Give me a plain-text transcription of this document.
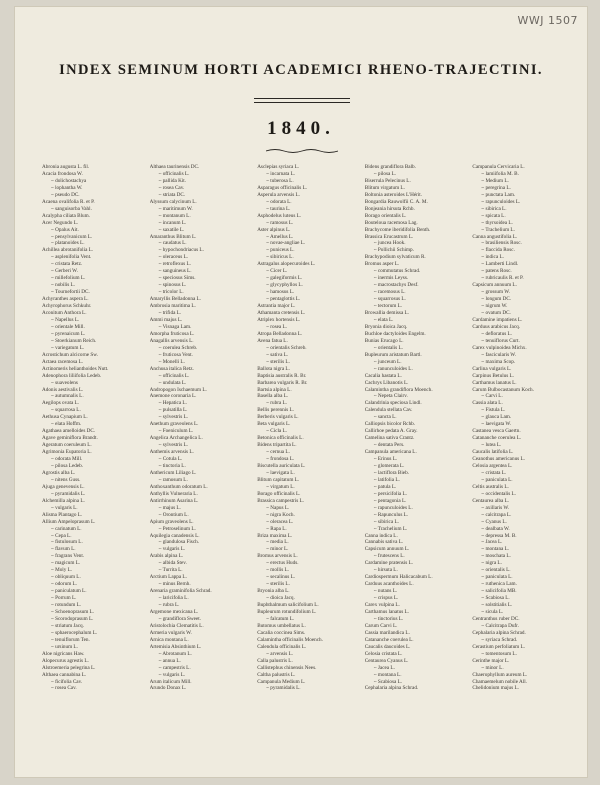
WWJ 1507
INDEX SEMINUM HORTI ACADEMICI RHENO-TRAJECTINI.
1840.
Abronia augusta L. fil.
Acacia frondosa W.
~ dolichostachya
~ lophantha W.
~ pseudo DC.
Acaena ovalifolia R. et P.
~ sanguisorba Vahl.
Acalypha ciliata Blum.
Acer Negundo L.
~ Opalus Ait.
~ pensylvanicum L.
~ platanoides L.
Achillea abrotanifolia L.
~ asplenifolia Vent.
~ cristata Retz.
~ Gerberi W.
~ millefolium L.
~ nobilis L.
~ Tournefortii DC.
Achyranthes aspera L.
Achyrophorus Schkuhr.
Aconitum Anthora L.
~ Napellus L.
~ orientale Mill.
~ pyrenaicum L.
~ Stoerkianum Reich.
~ variegatum L.
Acrostichum alcicorne Sw.
Actaea racemosa L.
Actinomeris helianthoides Nutt.
Adenophora liliifolia Ledeb.
~ suaveolens
Adonis aestivalis L.
~ autumnalis L.
Aegilops ovata L.
~ squarrosa L.
Aethusa Cynapium L.
~ elata Hoffm.
Agathaea amelloides DC.
Agave geminiflora Brandt.
Ageratum coeruleum L.
Agrimonia Eupatoria L.
~ odorata Mill.
~ pilosa Ledeb.
Agrostis alba L.
~ nitens Guss.
Ajuga genevensis L.
~ pyramidalis L.
Alchemilla alpina L.
~ vulgaris L.
Alisma Plantago L.
Allium Ampeloprasum L.
~ carinatum L.
~ Cepa L.
~ fistulosum L.
~ flavum L.
~ fragrans Vent.
~ magicum L.
~ Moly L.
~ obliquum L.
~ odorum L.
~ paniculatum L.
~ Porrum L.
~ rotundum L.
~ Schoenoprasum L.
~ Scorodoprasum L.
~ striatum Jacq.
~ sphaerocephalum L.
~ tenuiflorum Ten.
~ ursinum L.
Aloe nigricans Haw.
Alopecurus agrestis L.
Alstroemeria pelegrina L.
Althaea cannabina L.
~ ficifolia Cav.
~ rosea Cav.
Althaea taurinensis DC.
~ officinalis L.
~ pallida Kit.
~ rosea Cav.
~ striata DC.
Alyssum calycinum L.
~ maritimum W.
~ montanum L.
~ incanum L.
~ saxatile L.
Amaranthus Blitum L.
~ caudatus L.
~ hypochondriacus L.
~ oleraceus L.
~ retroflexus L.
~ sanguineus L.
~ speciosus Sims.
~ spinosus L.
~ tricolor L.
Amaryllis Belladonna L.
Ambrosia maritima L.
~ trifida L.
Ammi majus L.
~ Visnaga Lam.
Amorpha fruticosa L.
Anagallis arvensis L.
~ coerulea Schreb.
~ fruticosa Vent.
~ Monelli L.
Anchusa italica Retz.
~ officinalis L.
~ undulata L.
Andropogon Ischaemum L.
Anemone coronaria L.
~ Hepatica L.
~ pulsatilla L.
~ sylvestris L.
Anethum graveolens L.
~ Foeniculum L.
Angelica Archangelica L.
~ sylvestris L.
Anthemis arvensis L.
~ Cotula L.
~ tinctoria L.
Anthericum Liliago L.
~ ramosum L.
Anthoxanthum odoratum L.
Anthyllis Vulneraria L.
Antirrhinum Asarina L.
~ majus L.
~ Orontium L.
Apium graveolens L.
~ Petroselinum L.
Aquilegia canadensis L.
~ glandulosa Fisch.
~ vulgaris L.
Arabis alpina L.
~ albida Stev.
~ Turrita L.
Arctium Lappa L.
~ minus Bernh.
Arenaria graminifolia Schrad.
~ laricifolia L.
~ rubra L.
Argemone mexicana L.
~ grandiflora Sweet.
Aristolochia Clematitis L.
Armeria vulgaris W.
Arnica montana L.
Artemisia Absinthium L.
~ Abrotanum L.
~ annua L.
~ campestris L.
~ vulgaris L.
Arum italicum Mill.
Arundo Donax L.
Asclepias syriaca L.
~ incarnata L.
~ tuberosa L.
Asparagus officinalis L.
Asperula arvensis L.
~ odorata L.
~ taurina L.
Asphodelus luteus L.
~ ramosus L.
Aster alpinus L.
~ Amellus L.
~ novae-angliae L.
~ puniceus L.
~ sibiricus L.
Astragalus alopecuroides L.
~ Cicer L.
~ galegiformis L.
~ glycyphyllos L.
~ hamosus L.
~ pentaglottis L.
Astrantia major L.
Athamanta cretensis L.
Atriplex hortensis L.
~ rosea L.
Atropa Belladonna L.
Avena fatua L.
~ orientalis Schreb.
~ sativa L.
~ sterilis L.
Ballota nigra L.
Baptisia australis R. Br.
Barbarea vulgaris R. Br.
Bartsia alpina L.
Basella alba L.
~ rubra L.
Bellis perennis L.
Berberis vulgaris L.
Beta vulgaris L.
~ Cicla L.
Betonica officinalis L.
Bidens tripartita L.
~ cernua L.
~ frondosa L.
Biscutella auriculata L.
~ laevigata L.
Blitum capitatum L.
~ virgatum L.
Borago officinalis L.
Brassica campestris L.
~ Napus L.
~ nigra Koch.
~ oleracea L.
~ Rapa L.
Briza maxima L.
~ media L.
~ minor L.
Bromus arvensis L.
~ erectus Huds.
~ mollis L.
~ secalinus L.
~ sterilis L.
Bryonia alba L.
~ dioica Jacq.
Buphthalmum salicifolium L.
Bupleurum rotundifolium L.
~ falcatum L.
Butomus umbellatus L.
Cacalia coccinea Sims.
Calamintha officinalis Moench.
Calendula officinalis L.
~ arvensis L.
Calla palustris L.
Callistephus chinensis Nees.
Caltha palustris L.
Campanula Medium L.
~ pyramidalis L.
Bidens grandiflora Balb.
~ pilosa L.
Biserrula Pelecinus L.
Blitum virgatum L.
Boltonia asteroides L'Hérit.
Bongardia Rauwolfii C. A. M.
Bonjeania hirsuta Rchb.
Borago orientalis L.
Bouteloua racemosa Lag.
Brachycome iberidifolia Benth.
Brassica Erucastrum L.
~ juncea Hook.
~ Pollichii Schimp.
Brachypodium sylvaticum R.
Bromus asper L.
~ commutatus Schrad.
~ inermis Leyss.
~ macrostachys Desf.
~ racemosus L.
~ squarrosus L.
~ tectorum L.
Browallia demissa L.
~ elata L.
Bryonia dioica Jacq.
Buchloe dactyloides Engelm.
Bunias Erucago L.
~ orientalis L.
Bupleurum aristatum Bartl.
~ junceum L.
~ ranunculoides L.
Cacalia hastata L.
Cachrys Libanotis L.
Calamintha grandiflora Moench.
~ Nepeta Clairv.
Calandrinia speciosa Lindl.
Calendula stellata Cav.
~ sancta L.
Calliopsis bicolor Rchb.
Callirhoe pedata A. Gray.
Camelina sativa Crantz.
~ dentata Pers.
Campanula americana L.
~ Erinus L.
~ glomerata L.
~ lactiflora Bieb.
~ latifolia L.
~ patula L.
~ persicifolia L.
~ pentagonia L.
~ rapunculoides L.
~ Rapunculus L.
~ sibirica L.
~ Trachelium L.
Canna indica L.
Cannabis sativa L.
Capsicum annuum L.
~ frutescens L.
Cardamine pratensis L.
~ hirsuta L.
Cardiospermum Halicacabum L.
Carduus acanthoides L.
~ nutans L.
~ crispus L.
Carex vulpina L.
Carthamus lanatus L.
~ tinctorius L.
Carum Carvi L.
Cassia marilandica L.
Catananche coerulea L.
Caucalis daucoides L.
Celosia cristata L.
Centaurea Cyanus L.
~ Jacea L.
~ montana L.
~ Scabiosa L.
Cephalaria alpina Schrad.
Campanula Cervicaria L.
~ lamiifolia M. B.
~ Medium L.
~ peregrina L.
~ punctata Lam.
~ rapunculoides L.
~ sibirica L.
~ spicata L.
~ thyrsoidea L.
~ Trachelium L.
Canna angustifolia L.
~ brasiliensis Rosc.
~ flaccida Rosc.
~ indica L.
~ Lamberti Lindl.
~ patens Rosc.
~ rubricaulis R. et P.
Capsicum annuum L.
~ grossum W.
~ longum DC.
~ nigrum W.
~ ovatum DC.
Cardamine impatiens L.
Carduus arabicus Jacq.
~ defloratus L.
~ tenuiflorus Curt.
Carex vulpinoidea Michx.
~ fascicularis W.
~ maxima Scop.
Carlina vulgaris L.
Carpinus Betulus L.
Carthamus lanatus L.
Carum Bulbocastanum Koch.
~ Carvi L.
Cassia alata L.
~ Fistula L.
~ glauca Lam.
~ laevigata W.
Castanea vesca Gaertn.
Catananche coerulea L.
~ lutea L.
Caucalis latifolia L.
Ceanothus americanus L.
Celosia argentea L.
~ cristata L.
~ paniculata L.
Celtis australis L.
~ occidentalis L.
Centaurea alba L.
~ axillaris W.
~ calcitrapa L.
~ Cyanus L.
~ dealbata W.
~ depressa M. B.
~ Jacea L.
~ montana L.
~ moschata L.
~ nigra L.
~ orientalis L.
~ paniculata L.
~ ruthenica Lam.
~ salicifolia MB.
~ Scabiosa L.
~ solstitialis L.
~ sicula L.
Centranthus ruber DC.
~ Calcitrapa Dufr.
Cephalaria alpina Schrad.
~ syriaca Schrad.
Cerastium perfoliatum L.
~ tomentosum L.
Cerinthe major L.
~ minor L.
Chaerophyllum aureum L.
Chamaemelum nobile All.
Chelidonium majus L.
